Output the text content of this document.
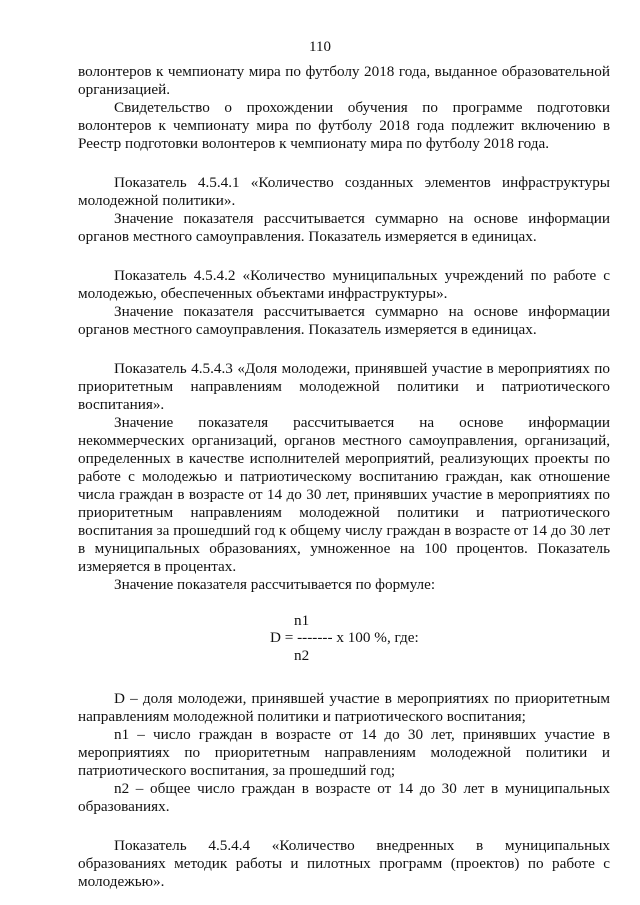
110

волонтеров к чемпионату мира по футболу 2018 года, выданное образовательной организацией.

Свидетельство о прохождении обучения по программе подготовки волонтеров к чемпионату мира по футболу 2018 года подлежит включению в Реестр подготовки волонтеров к чемпионату мира по футболу 2018 года.

Показатель 4.5.4.1 «Количество созданных элементов инфраструктуры молодежной политики».

Значение показателя рассчитывается суммарно на основе информации органов местного самоуправления. Показатель измеряется в единицах.

Показатель 4.5.4.2 «Количество муниципальных учреждений по работе с молодежью, обеспеченных объектами инфраструктуры».

Значение показателя рассчитывается суммарно на основе информации органов местного самоуправления. Показатель измеряется в единицах.

Показатель 4.5.4.3 «Доля молодежи, принявшей участие в мероприятиях по приоритетным направлениям молодежной политики и патриотического воспитания».

Значение показателя рассчитывается на основе информации некоммерческих организаций, органов местного самоуправления, организаций, определенных в качестве исполнителей мероприятий, реализующих проекты по работе с молодежью и патриотическому воспитанию граждан, как отношение числа граждан в возрасте от 14 до 30 лет, принявших участие в мероприятиях по приоритетным направлениям молодежной политики и патриотического воспитания за прошедший год к общему числу граждан в возрасте от 14 до 30 лет в муниципальных образованиях, умноженное на 100 процентов. Показатель измеряется в процентах.

Значение показателя рассчитывается по формуле:

n1
D = ------- x 100 %, где:
n2

D – доля молодежи, принявшей участие в мероприятиях по приоритетным направлениям молодежной политики и патриотического воспитания;

n1 – число граждан в возрасте от 14 до 30 лет, принявших участие в мероприятиях по приоритетным направлениям молодежной политики и патриотического воспитания, за прошедший год;

n2 – общее число граждан в возрасте от 14 до 30 лет в муниципальных образованиях.

Показатель 4.5.4.4 «Количество внедренных в муниципальных образованиях методик работы и пилотных программ (проектов) по работе с молодежью».
